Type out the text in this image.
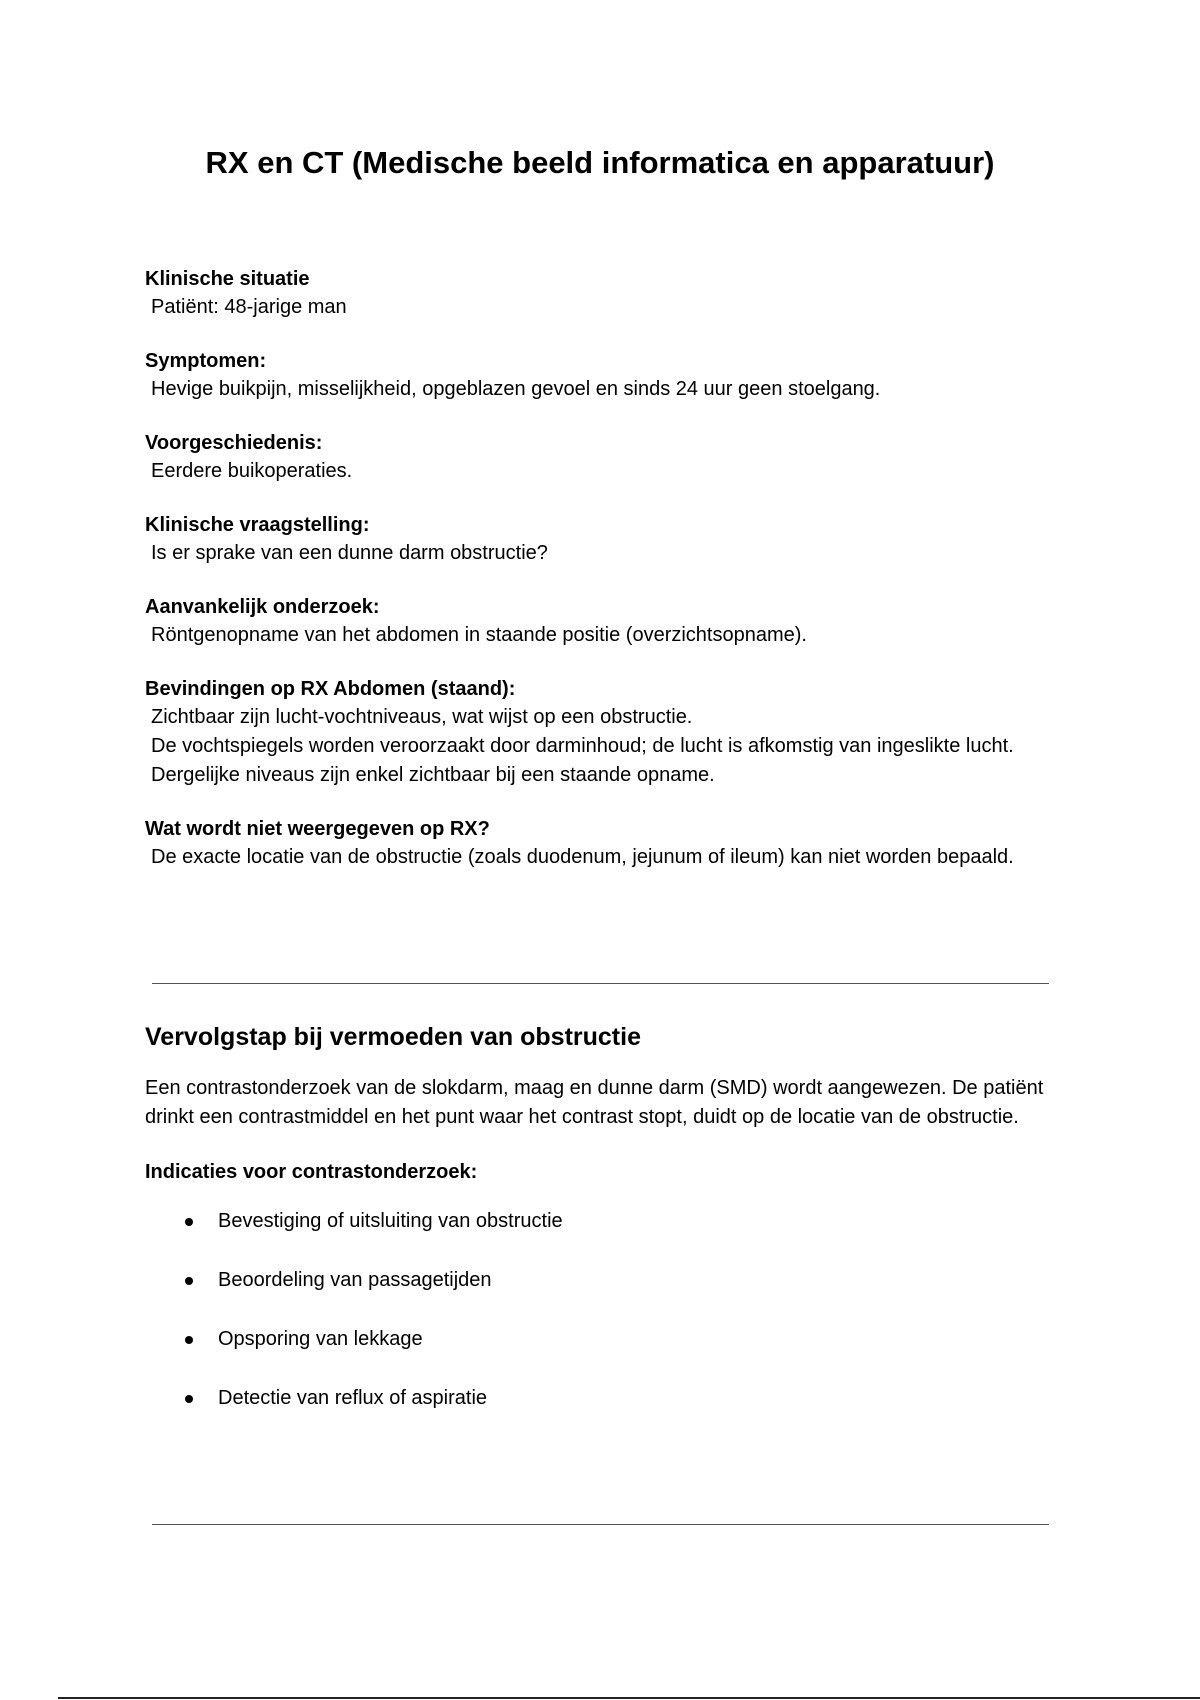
RX en CT (Medische beeld informatica en apparatuur)

Klinische situatie

Patiënt: 48-jarige man

Symptomen:

Hevige buikpijn, misselijkheid, opgeblazen gevoel en sinds 24 uur geen stoelgang.

Voorgeschiedenis:

Eerdere buikoperaties.

Klinische vraagstelling:

Is er sprake van een dunne darm obstructie?

Aanvankelijk onderzoek:

Röntgenopname van het abdomen in staande positie (overzichtsopname).

Bevindingen op RX Abdomen (staand):

Zichtbaar zijn lucht-vochtniveaus, wat wijst op een obstructie.

De vochtspiegels worden veroorzaakt door darminhoud; de lucht is afkomstig van ingeslikte lucht.

Dergelijke niveaus zijn enkel zichtbaar bij een staande opname.

Wat wordt niet weergegeven op RX?

De exacte locatie van de obstructie (zoals duodenum, jejunum of ileum) kan niet worden bepaald.

Vervolgstap bij vermoeden van obstructie

Een contrastonderzoek van de slokdarm, maag en dunne darm (SMD) wordt aangewezen. De patiënt drinkt een contrastmiddel en het punt waar het contrast stopt, duidt op de locatie van de obstructie.

Indicaties voor contrastonderzoek:

Bevestiging of uitsluiting van obstructie
Beoordeling van passagetijden
Opsporing van lekkage
Detectie van reflux of aspiratie
